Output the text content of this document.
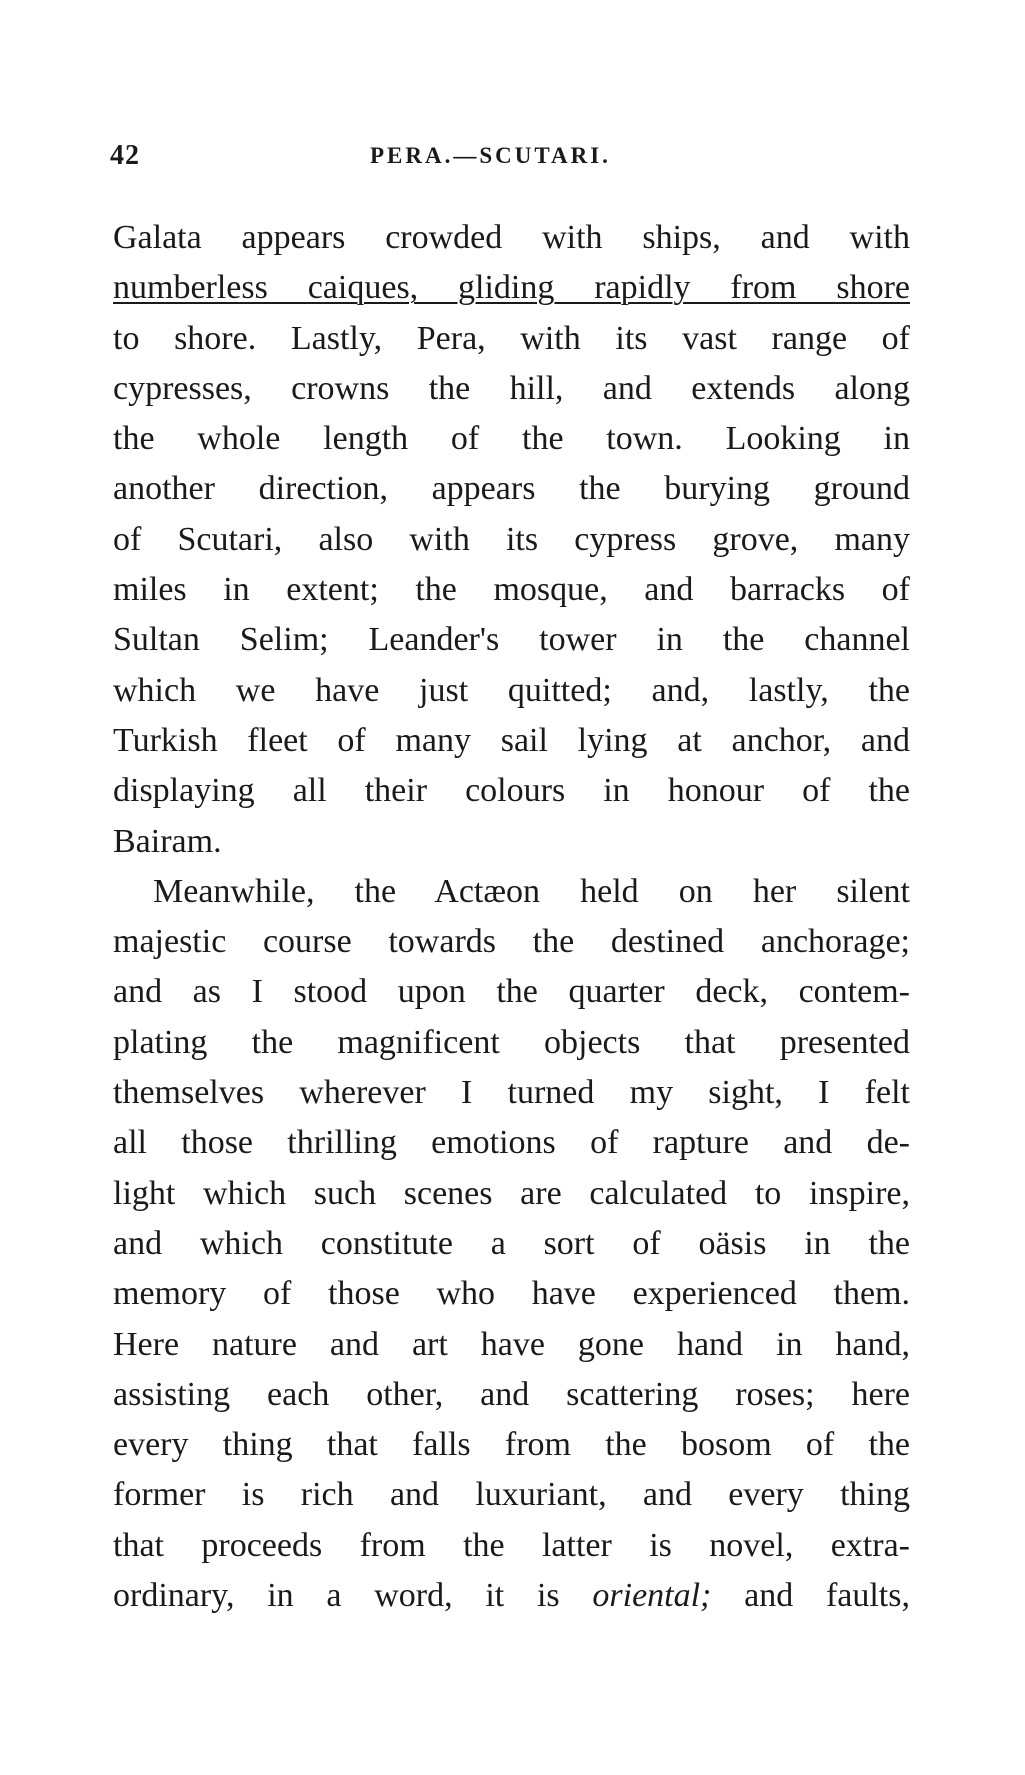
42	PERA.—SCUTARI.
Galata appears crowded with ships, and with
numberless caiques, gliding rapidly from shore
to shore. Lastly, Pera, with its vast range of
cypresses, crowns the hill, and extends along
the whole length of the town. Looking in
another direction, appears the burying ground
of Scutari, also with its cypress grove, many
miles in extent; the mosque, and barracks of
Sultan Selim; Leander's tower in the channel
which we have just quitted; and, lastly, the
Turkish fleet of many sail lying at anchor, and
displaying all their colours in honour of the
Bairam.
Meanwhile, the Actæon held on her silent
majestic course towards the destined anchorage;
and as I stood upon the quarter deck, contem-
plating the magnificent objects that presented
themselves wherever I turned my sight, I felt
all those thrilling emotions of rapture and de-
light which such scenes are calculated to inspire,
and which constitute a sort of oäsis in the
memory of those who have experienced them.
Here nature and art have gone hand in hand,
assisting each other, and scattering roses; here
every thing that falls from the bosom of the
former is rich and luxuriant, and every thing
that proceeds from the latter is novel, extra-
ordinary, in a word, it is oriental; and faults,
